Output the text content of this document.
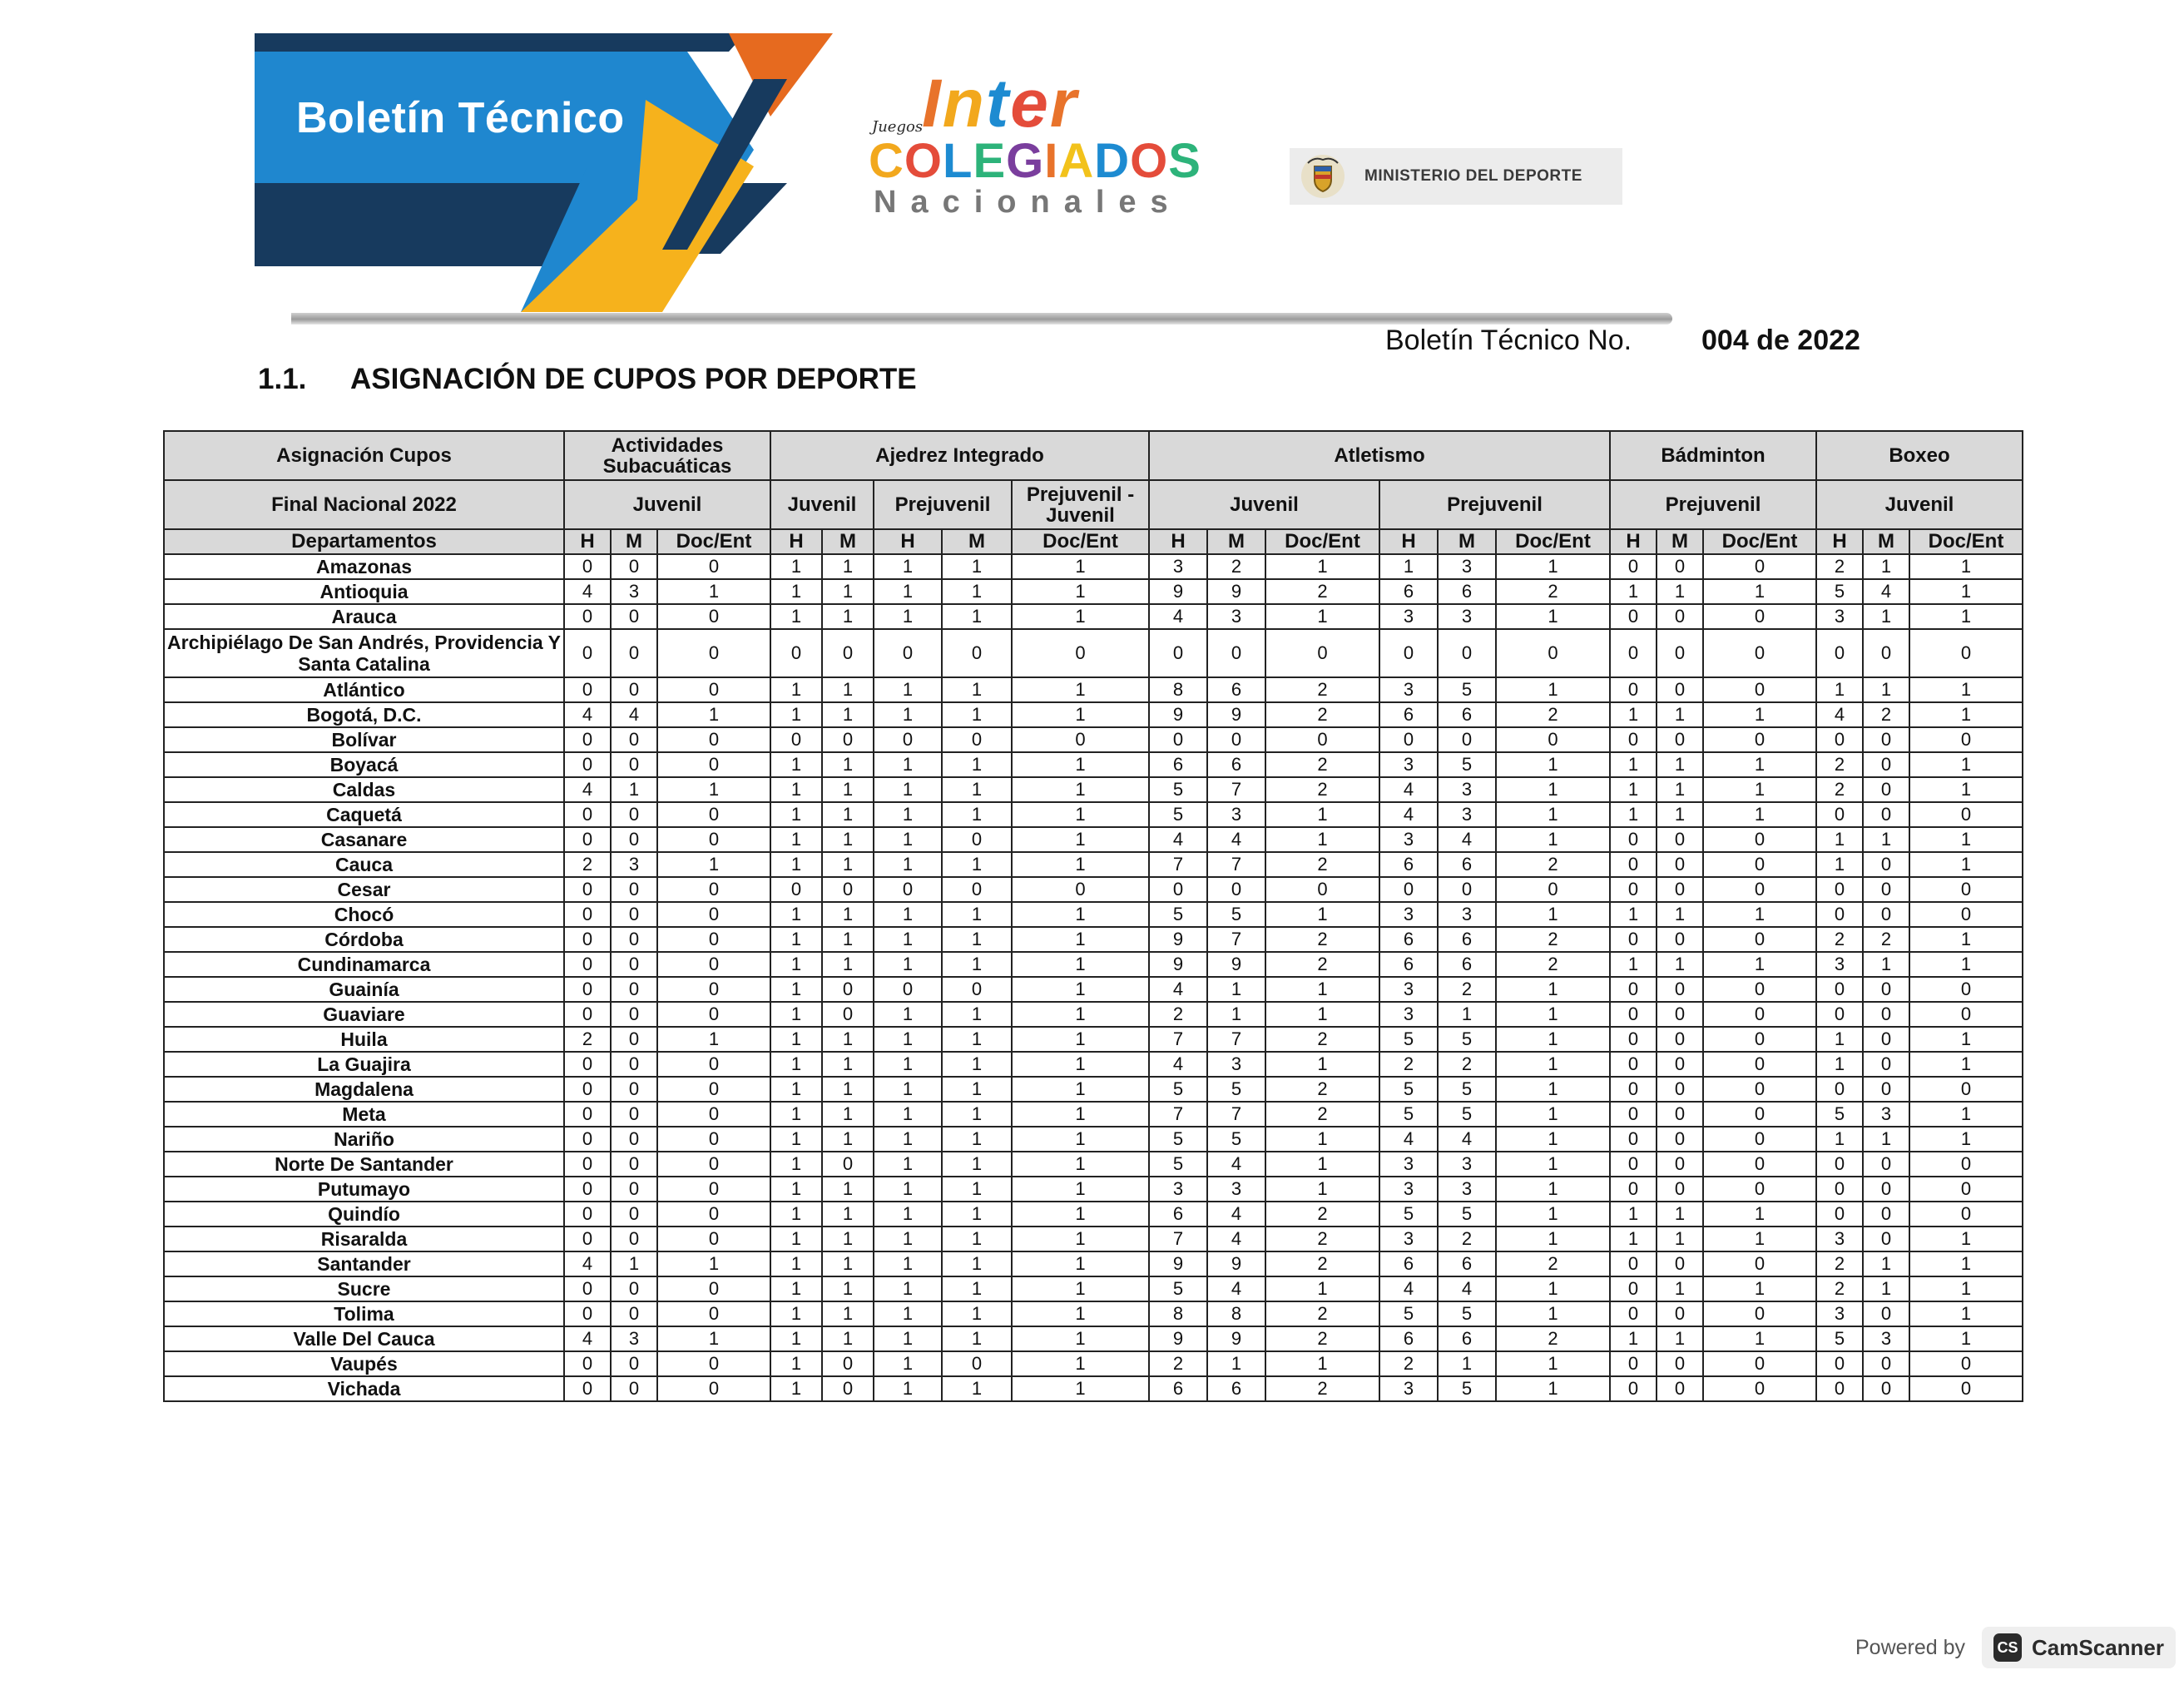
Boletín Técnico	Juegos
Inter
COLEGIADOS
Nacionales
MINISTERIO DEL DEPORTE
Boletín Técnico No. 004 de 2022
1.1. ASIGNACIÓN DE CUPOS POR DEPORTE
Asignación Cupos	Actividades Subacuáticas			Ajedrez Integrado					Atletismo						Bádminton			Boxeo		
Final Nacional 2022	Juvenil			Juvenil		Prejuvenil		Prejuvenil - Juvenil	Juvenil			Prejuvenil			Prejuvenil			Juvenil		
Departamentos	H	M	Doc/Ent	H	M	H	M	Doc/Ent	H	M	Doc/Ent	H	M	Doc/Ent	H	M	Doc/Ent	H	M	Doc/Ent
Amazonas	0	0	0	1	1	1	1	1	3	2	1	1	3	1	0	0	0	2	1	1
Antioquia	4	3	1	1	1	1	1	1	9	9	2	6	6	2	1	1	1	5	4	1
Arauca	0	0	0	1	1	1	1	1	4	3	1	3	3	1	0	0	0	3	1	1
Archipiélago De San Andrés, Providencia Y Santa Catalina	0	0	0	0	0	0	0	0	0	0	0	0	0	0	0	0	0	0	0	0
Atlántico	0	0	0	1	1	1	1	1	8	6	2	3	5	1	0	0	0	1	1	1
Bogotá, D.C.	4	4	1	1	1	1	1	1	9	9	2	6	6	2	1	1	1	4	2	1
Bolívar	0	0	0	0	0	0	0	0	0	0	0	0	0	0	0	0	0	0	0	0
Boyacá	0	0	0	1	1	1	1	1	6	6	2	3	5	1	1	1	1	2	0	1
Caldas	4	1	1	1	1	1	1	1	5	7	2	4	3	1	1	1	1	2	0	1
Caquetá	0	0	0	1	1	1	1	1	5	3	1	4	3	1	1	1	1	0	0	0
Casanare	0	0	0	1	1	1	0	1	4	4	1	3	4	1	0	0	0	1	1	1
Cauca	2	3	1	1	1	1	1	1	7	7	2	6	6	2	0	0	0	1	0	1
Cesar	0	0	0	0	0	0	0	0	0	0	0	0	0	0	0	0	0	0	0	0
Chocó	0	0	0	1	1	1	1	1	5	5	1	3	3	1	1	1	1	0	0	0
Córdoba	0	0	0	1	1	1	1	1	9	7	2	6	6	2	0	0	0	2	2	1
Cundinamarca	0	0	0	1	1	1	1	1	9	9	2	6	6	2	1	1	1	3	1	1
Guainía	0	0	0	1	0	0	0	1	4	1	1	3	2	1	0	0	0	0	0	0
Guaviare	0	0	0	1	0	1	1	1	2	1	1	3	1	1	0	0	0	0	0	0
Huila	2	0	1	1	1	1	1	1	7	7	2	5	5	1	0	0	0	1	0	1
La Guajira	0	0	0	1	1	1	1	1	4	3	1	2	2	1	0	0	0	1	0	1
Magdalena	0	0	0	1	1	1	1	1	5	5	2	5	5	1	0	0	0	0	0	0
Meta	0	0	0	1	1	1	1	1	7	7	2	5	5	1	0	0	0	5	3	1
Nariño	0	0	0	1	1	1	1	1	5	5	1	4	4	1	0	0	0	1	1	1
Norte De Santander	0	0	0	1	0	1	1	1	5	4	1	3	3	1	0	0	0	0	0	0
Putumayo	0	0	0	1	1	1	1	1	3	3	1	3	3	1	0	0	0	0	0	0
Quindío	0	0	0	1	1	1	1	1	6	4	2	5	5	1	1	1	1	0	0	0
Risaralda	0	0	0	1	1	1	1	1	7	4	2	3	2	1	1	1	1	3	0	1
Santander	4	1	1	1	1	1	1	1	9	9	2	6	6	2	0	0	0	2	1	1
Sucre	0	0	0	1	1	1	1	1	5	4	1	4	4	1	0	1	1	2	1	1
Tolima	0	0	0	1	1	1	1	1	8	8	2	5	5	1	0	0	0	3	0	1
Valle Del Cauca	4	3	1	1	1	1	1	1	9	9	2	6	6	2	1	1	1	5	3	1
Vaupés	0	0	0	1	0	1	0	1	2	1	1	2	1	1	0	0	0	0	0	0
Vichada	0	0	0	1	0	1	1	1	6	6	2	3	5	1	0	0	0	0	0	0
Powered by CS CamScanner
